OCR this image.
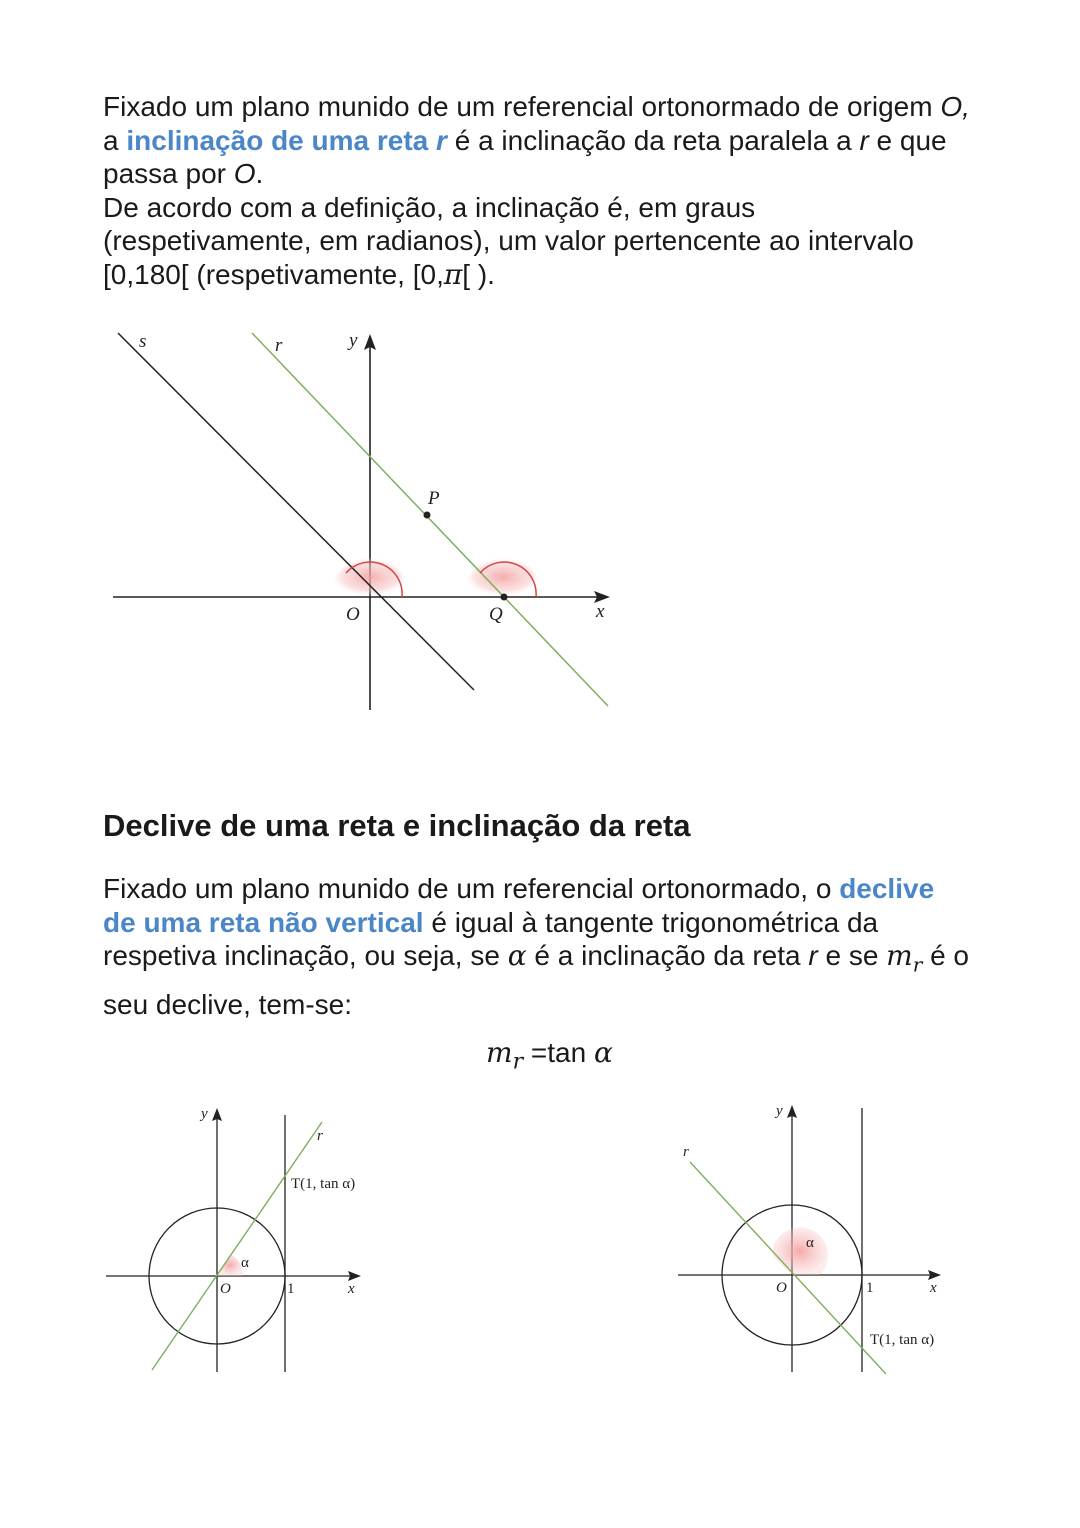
Fixado um plano munido de um referencial ortonormado de origem O,
a inclinação de uma reta r é a inclinação da reta paralela a r e que
passa por O.
De acordo com a definição, a inclinação é, em graus
(respetivamente, em radianos), um valor pertencente ao intervalo
[0,180[ (respetivamente, [0,π[ ).

s	r	y
P
O	Q	x
Declive de uma reta e inclinação da reta

Fixado um plano munido de um referencial ortonormado, o declive
de uma reta não vertical é igual à tangente trigonométrica da
respetiva inclinação, ou seja, se α é a inclinação da reta r e se $m_r$ é o
seu declive, tem-se:

$m_r =\tan$ α
y
r
T(1, tan α)
α
O	1	x
y
r
α
O	1	x
T(1, tan α)
